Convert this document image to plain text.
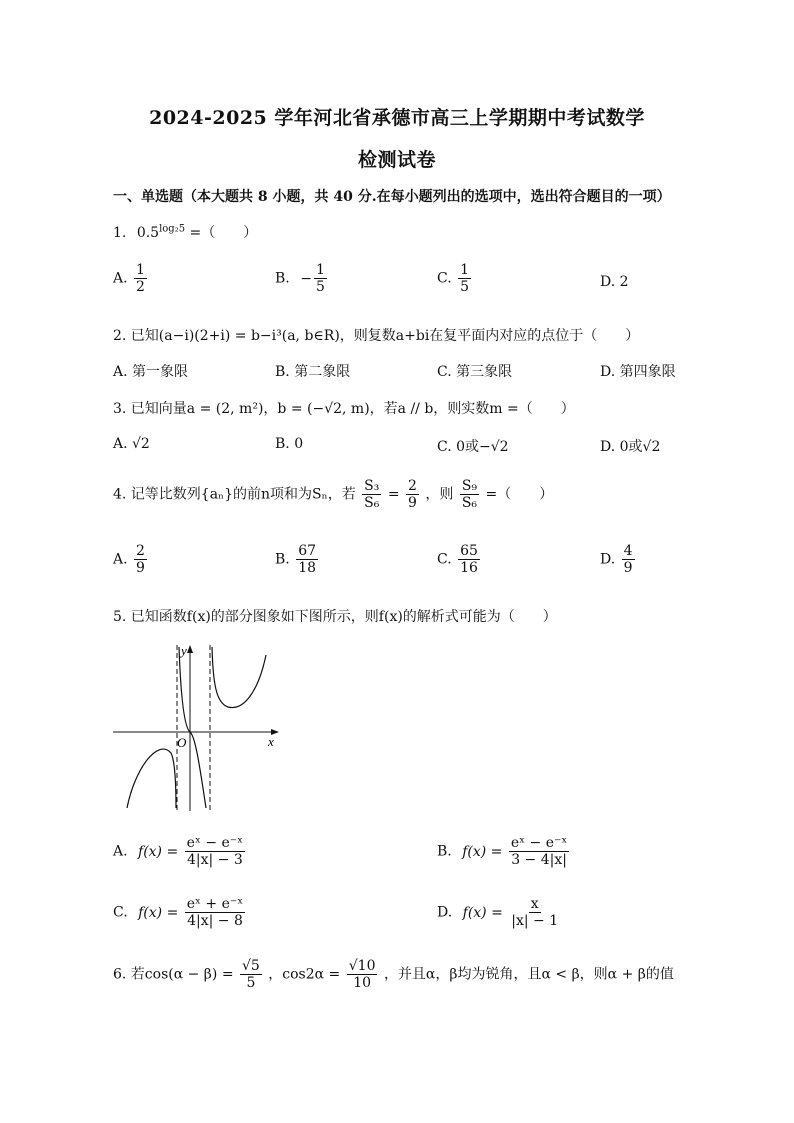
2024-2025 学年河北省承德市高三上学期期中考试数学
检测试卷
一、单选题（本大题共 8 小题，共 40 分.在每小题列出的选项中，选出符合题目的一项）
1. $0.5^{log_25}$ =（　　）
A. $\frac{1}{2}$	B. − $\frac{1}{5}$	C. $\frac{1}{5}$	D. 2
2. 已知(a−i)(2+i) = b−i³(a, b∈R)，则复数a+bi在复平面内对应的点位于（　　）
A. 第一象限	B. 第二象限	C. 第三象限	D. 第四象限
3. 已知向量a = (2, m²)，b = (−√2, m)，若a // b，则实数m =（　　）
A. √2	B. 0	C. 0或−√2	D. 0或√2
4. 记等比数列{aₙ}的前n项和为Sₙ，若 $\frac{\text{S₃}}{\text{S₆}} = \frac{2}{9}$ ，则 $\frac{\text{S₉}}{\text{S₆}}$ =（　　）
A. $\frac{2}{9}$	B. $\frac{67}{18}$	C. $\frac{65}{16}$	D. $\frac{4}{9}$
5. 已知函数f(x)的部分图象如下图所示，则f(x)的解析式可能为（　　）
y
x
O
A. $f(x) = \frac{\text{eˣ − e⁻ˣ}}{4|x| - 3}$	B. $f(x) = \frac{\text{eˣ − e⁻ˣ}}{3 - 4|x|}$
C. $f(x) = \frac{\text{eˣ + e⁻ˣ}}{4|x| - 8}$	D. $f(x) = \frac{x}{|x| - 1}$
6. 若$\cos(\alpha - \beta) = \frac{√5}{5}$ ，$\cos 2\alpha = \frac{√10}{10}$ ，并且α，β均为锐角，且α < β，则α + β的值
